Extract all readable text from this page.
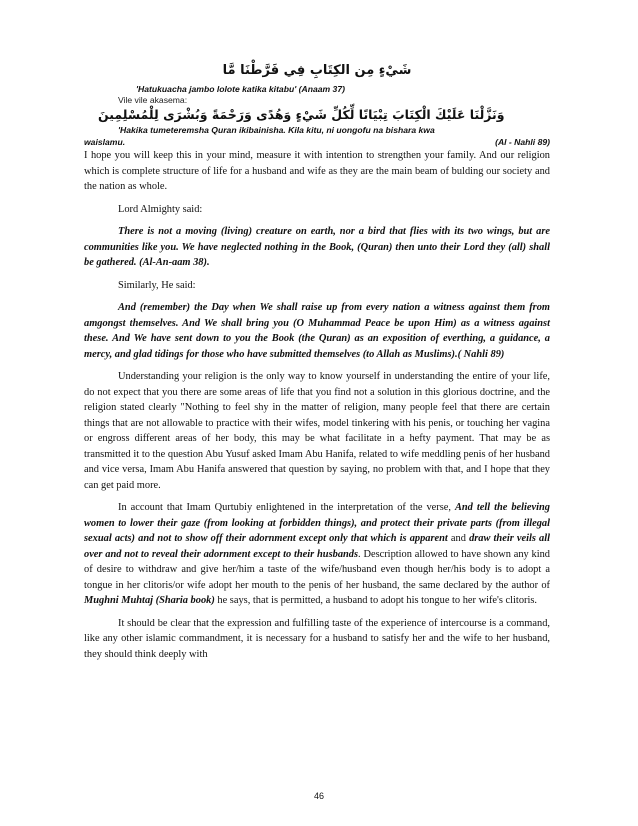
شَيْءٍ مِن الكِتَابِ فِي فَرَّطْنَا مَّا

'Hatukuacha jambo lolote katika kitabu' (Anaam 37)

Vile vile akasema:

وَنَزَّلْنَا عَلَيْكَ الْكِتَابَ تِبْيَانًا لِّكُلِّ شَيْءٍ وَهُدًى وَرَحْمَةً وَبُشْرَى لِلْمُسْلِمِينَ

'Hakika tumeteremsha Quran ikibainisha. Kila kitu, ni uongofu na bishara kwa

waislamu.	(Al - Nahli 89)

I hope you will keep this in your mind, measure it with intention to strengthen your family. And our religion which is complete structure of life for a husband and wife as they are the main beam of bulding our society and the nation as whole.

Lord Almighty said:

There is not a moving (living) creature on earth, nor a bird that flies with its two wings, but are communities like you. We have neglected nothing in the Book, (Quran) then unto their Lord they (all) shall be gathered. (Al-An-aam 38).

Similarly, He said:

And (remember) the Day when We shall raise up from every nation a witness against them from amgongst themselves. And We shall bring you (O Muhammad Peace be upon Him) as a witness against these. And We have sent down to you the Book (the Quran) as an exposition of everthing, a guidance, a mercy, and glad tidings for those who have submitted themselves (to Allah as Muslims).( Nahli 89)

Understanding your religion is the only way to know yourself in understanding the entire of your life, do not expect that you there are some areas of life that you find not a solution in this glorious doctrine, and the religion stated clearly "Nothing to feel shy in the matter of religion, many people feel that there are certain things that are not allowable to practice with their wifes, model tinkering with his penis, or touching her vagina or engross different areas of her body, this may be what facilitate in a hefty payment. That may be as transmitted it to the question Abu Yusuf asked Imam Abu Hanifa, related to wife meddling penis of her husband and vice versa, Imam Abu Hanifa answered that question by saying, no problem with that, and I hope that they can get paid more.

In account that Imam Qurtubiy enlightened in the interpretation of the verse, And tell the believing women to lower their gaze (from looking at forbidden things), and protect their private parts (from illegal sexual acts) and not to show off their adornment except only that which is apparent and draw their veils all over and not to reveal their adornment except to their husbands. Description allowed to have shown any kind of desire to withdraw and give her/him a taste of the wife/husband even though her/his body is to adopt a tongue in her clitoris/or wife adopt her mouth to the penis of her husband, the same declared by the author of Mughni Muhtaj (Sharia book) he says, that is permitted, a husband to adopt his tongue to her wife's clitoris.

It should be clear that the expression and fulfilling taste of the experience of intercourse is a command, like any other islamic commandment, it is necessary for a husband to satisfy her and the wife to her husband, they should think deeply with

46
